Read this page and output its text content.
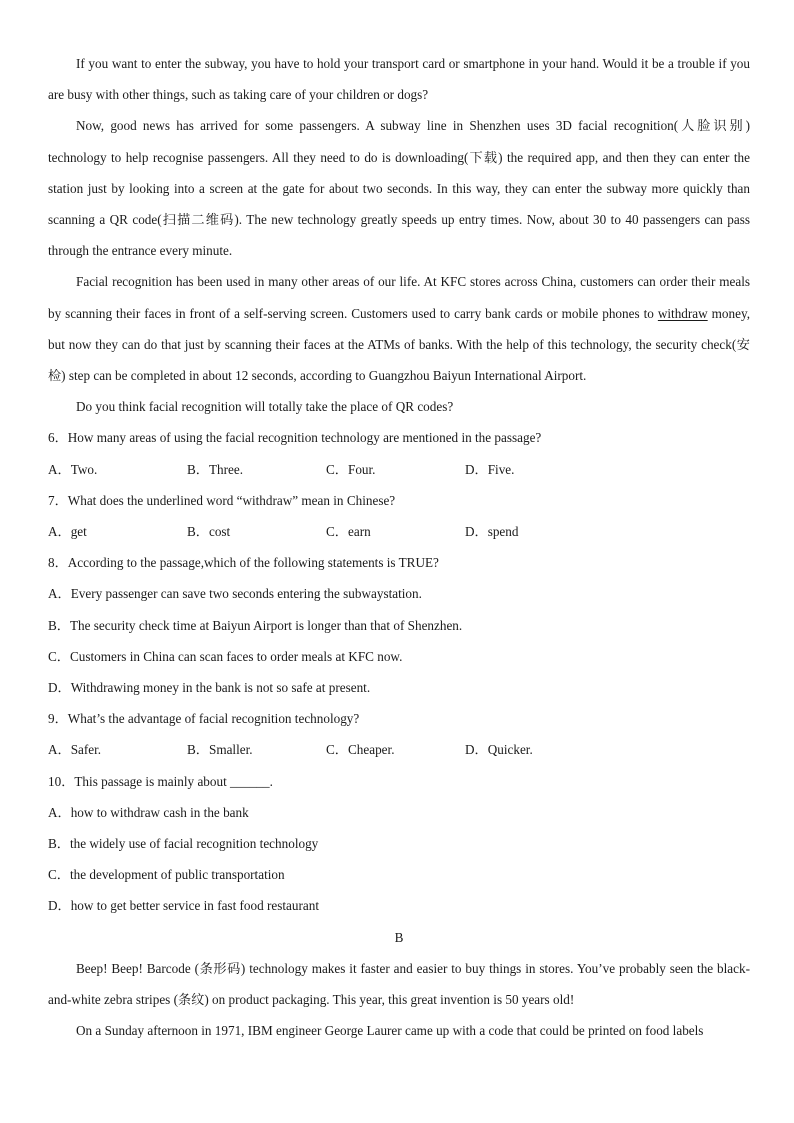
If you want to enter the subway, you have to hold your transport card or smartphone in your hand. Would it be a trouble if you are busy with other things, such as taking care of your children or dogs?

Now, good news has arrived for some passengers. A subway line in Shenzhen uses 3D facial recognition(人脸识别) technology to help recognise passengers. All they need to do is downloading(下载) the required app, and then they can enter the station just by looking into a screen at the gate for about two seconds. In this way, they can enter the subway more quickly than scanning a QR code(扫描二维码). The new technology greatly speeds up entry times. Now, about 30 to 40 passengers can pass through the entrance every minute.

Facial recognition has been used in many other areas of our life. At KFC stores across China, customers can order their meals by scanning their faces in front of a self-serving screen. Customers used to carry bank cards or mobile phones to withdraw money, but now they can do that just by scanning their faces at the ATMs of banks. With the help of this technology, the security check(安检) step can be completed in about 12 seconds, according to Guangzhou Baiyun International Airport.

Do you think facial recognition will totally take the place of QR codes?

6．How many areas of using the facial recognition technology are mentioned in the passage?

A．Two.	B．Three.	C．Four.	D．Five.

7．What does the underlined word “withdraw” mean in Chinese?

A．get	B．cost	C．earn	D．spend

8．According to the passage,which of the following statements is TRUE?

A．Every passenger can save two seconds entering the subwaystation.

B．The security check time at Baiyun Airport is longer than that of Shenzhen.

C．Customers in China can scan faces to order meals at KFC now.

D．Withdrawing money in the bank is not so safe at present.

9．What’s the advantage of facial recognition technology?

A．Safer.	B．Smaller.	C．Cheaper.	D．Quicker.

10．This passage is mainly about ______.

A．how to withdraw cash in the bank

B．the widely use of facial recognition technology

C．the development of public transportation

D．how to get better service in fast food restaurant

B

Beep! Beep! Barcode (条形码) technology makes it faster and easier to buy things in stores. You’ve probably seen the black-and-white zebra stripes (条纹) on product packaging. This year, this great invention is 50 years old!

On a Sunday afternoon in 1971, IBM engineer George Laurer came up with a code that could be printed on food labels
